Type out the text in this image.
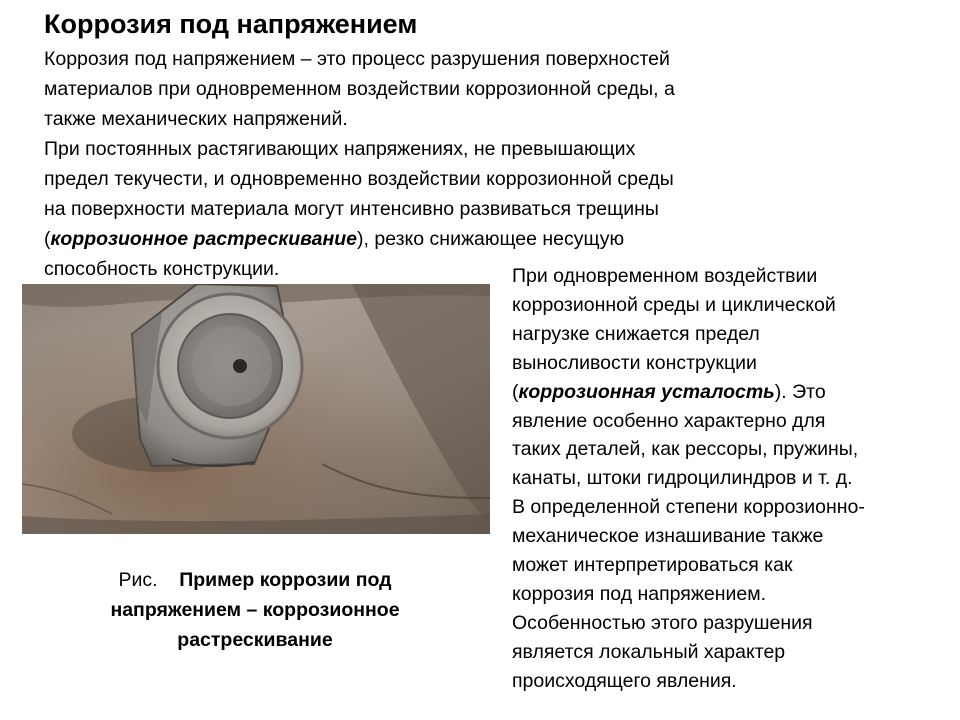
Коррозия под напряжением

Коррозия под напряжением – это процесс разрушения поверхностей
материалов при одновременном воздействии коррозионной среды, а
также механических напряжений.

При постоянных растягивающих напряжениях, не превышающих
предел текучести, и одновременно воздействии коррозионной среды
на поверхности материала могут интенсивно развиваться трещины
(коррозионное растрескивание), резко снижающее несущую
способность конструкции.

Рис. Пример коррозии под
напряжением – коррозионное
растрескивание

При одновременном воздействии
коррозионной среды и циклической
нагрузке снижается предел
выносливости конструкции
(коррозионная усталость). Это
явление особенно характерно для
таких деталей, как рессоры, пружины,
канаты, штоки гидроцилиндров и т. д.
В определенной степени коррозионно-
механическое изнашивание также
может интерпретироваться как
коррозия под напряжением.
Особенностью этого разрушения
является локальный характер
происходящего явления.
